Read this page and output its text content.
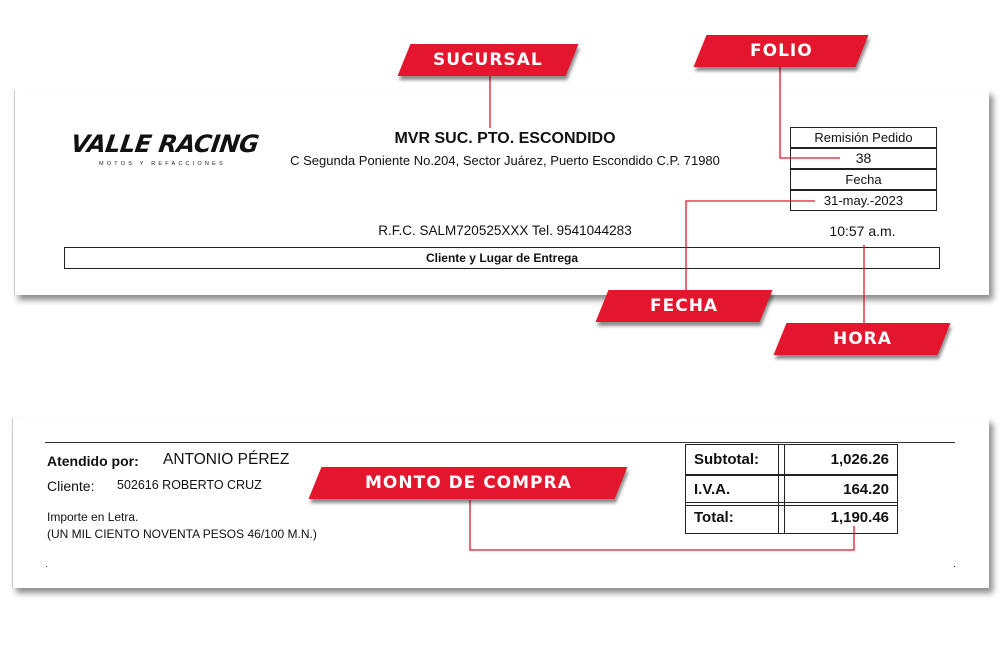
VALLE RACING
MOTOS Y REFACCIONES
MVR SUC. PTO. ESCONDIDO
C Segunda Poniente No.204, Sector Juárez, Puerto Escondido C.P. 71980
R.F.C. SALM720525XXX Tel. 9541044283
Remisión Pedido
38
Fecha
31-may.-2023
10:57 a.m.
Cliente y Lugar de Entrega
Atendido por: ANTONIO PÉREZ
Cliente: 502616 ROBERTO CRUZ
Importe en Letra.
(UN MIL CIENTO NOVENTA PESOS 46/100 M.N.)
.	.
Subtotal:	1,026.26
I.V.A.	164.20
Total:	1,190.46
SUCURSAL	FOLIO
FECHA
HORA
MONTO DE COMPRA
